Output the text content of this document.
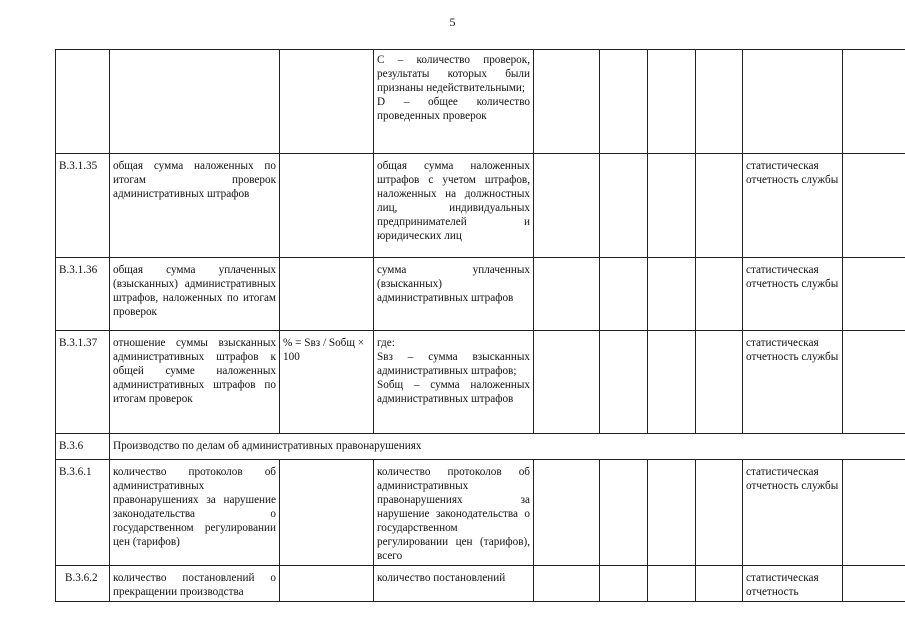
5
			C – количество проверок, результаты которых были признаны недействительными;
D – общее количество проведенных проверок						
В.3.1.35	общая сумма наложенных по итогам проверок административных штрафов		общая сумма наложенных штрафов с учетом штрафов, наложенных на должностных лиц, индивидуальных предпринимателей и юридических лиц					статистическая отчетность службы	
В.3.1.36	общая сумма уплаченных (взысканных) административных штрафов, наложенных по итогам проверок		сумма уплаченных (взысканных) административных штрафов					статистическая отчетность службы	
В.3.1.37	отношение суммы взысканных административных штрафов к общей сумме наложенных административных штрафов по итогам проверок	% = Sвз / Sобщ × 100	где:
Sвз – сумма взысканных административных штрафов;
Sобщ – сумма наложенных административных штрафов					статистическая отчетность службы	
В.3.6	Производство по делам об административных правонарушениях								
В.3.6.1	количество протоколов об административных правонарушениях за нарушение законодательства о государственном регулировании цен (тарифов)		количество протоколов об административных правонарушениях за нарушение законодательства о государственном регулировании цен (тарифов), всего					статистическая отчетность службы	
В.3.6.2	количество постановлений о прекращении производства		количество постановлений					статистическая отчетность	
